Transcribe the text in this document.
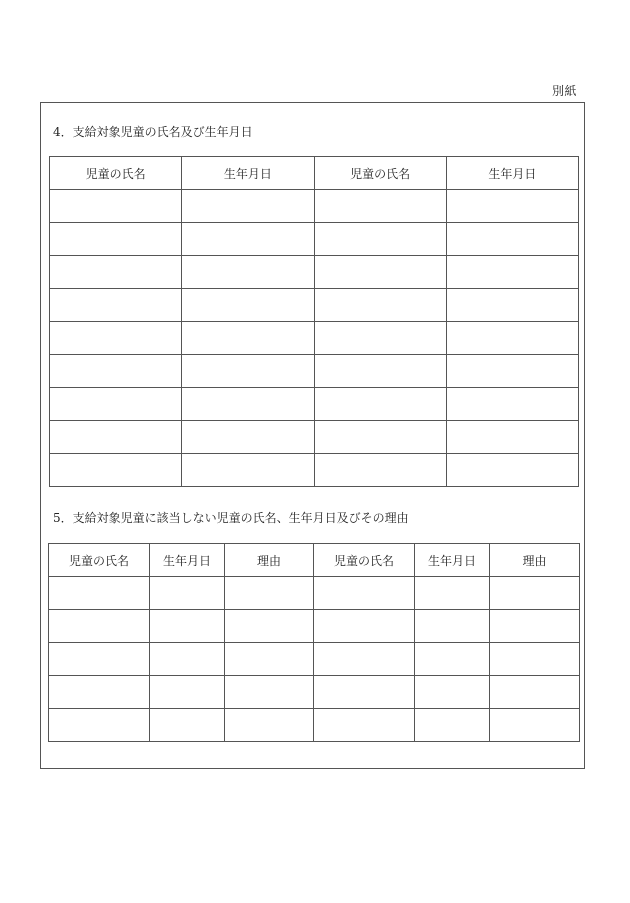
別紙
4．支給対象児童の氏名及び生年月日
児童の氏名	生年月日	児童の氏名	生年月日

5．支給対象児童に該当しない児童の氏名、生年月日及びその理由
児童の氏名	生年月日	理由	児童の氏名	生年月日	理由
